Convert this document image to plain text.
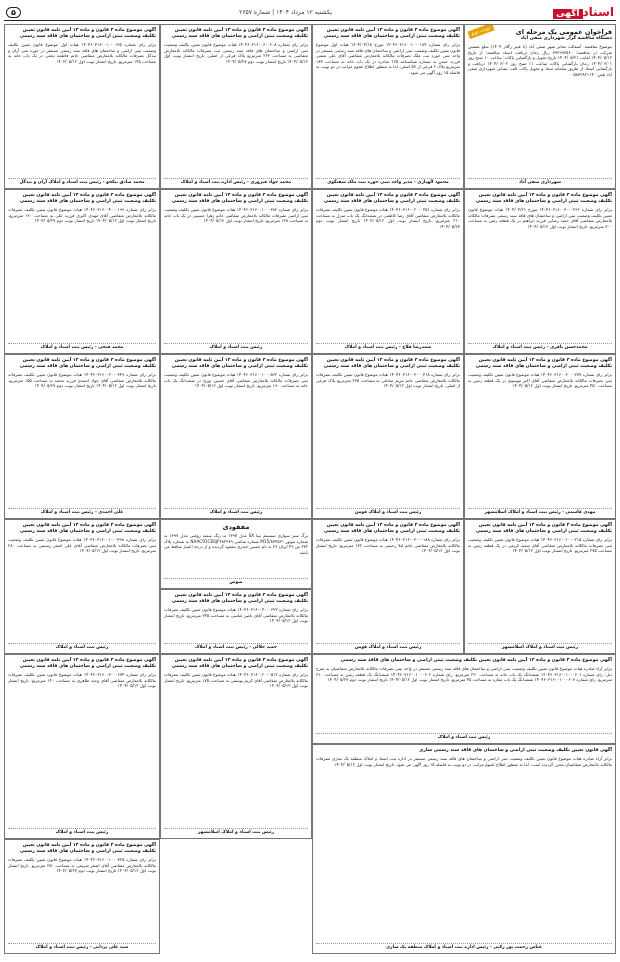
اسنادآگهی
یکشنبه ۱۲ مرداد ۱۴۰۴ | شماره ۲۶۵۷
۵
نوبت دوم	فراخوان عمومی یک مرحله ای
دستگاه مناقصه گزار شهرداری صفی آباد
موضوع مناقصه: آسفالت معابر شهر صفی آباد (با فیبر رگلاژ ۱۴۰۴) مبلغ تضمین شرکت در مناقصه: ۷۷۲۹۹۳۵۶۰ ریال زمان دریافت اسناد مناقصه: از تاریخ ۱۴۰۴/۰۵/۱۲ لغایت ۱۴۰۴/۰۵/۲۱ تاریخ تحویل و بازگشایی پاکات: ساعت ۱۰ صبح روز ۱۴۰۴/۰۶/۰۱ زمان بازگشایی پاکات ساعت ۱۱ صبح روز ۱۴۰۴/۰۶/۰۲ دریافت و بازگشایی اسناد از طریق سامانه ستاد و تحویل پاکت الف: نشانی شهرداری صفی آباد تلفن ۰۵۸۳۲۸۲۱۱۴۰
شهرداری صفی آباد
آگهی موضوع ماده ۳ قانون و ماده ۱۳ آیین نامه قانون تعیین تکلیف وضعیت ثبتی اراضی و ساختمان های فاقد سند رسمی
برابر رای شماره ۱۴۰۴۶۰۳۱۶۰۰۱۰۰۰۱۸۴ مورخ ۱۴۰۴/۰۴/۱۸ هیات اول موضوع قانون تعیین تکلیف وضعیت ثبتی اراضی و ساختمان های فاقد سند رسمی مستقر در واحد ثبتی حوزه ثبت ملک تصرفات مالکانه بلامعارض متقاضی آقای علی نعمتی فرزند حسن به شماره شناسنامه ۱۲۵ صادره در یک باب خانه به مساحت ۱۸۴ مترمربع پلاک ۲ فرعی از ۵۶ اصلی. لذا به منظور اطلاع عموم مراتب در دو نوبت به فاصله ۱۵ روز آگهی می شود.
محمود الهیاری - مدیر واحد ثبتی حوزه ثبت ملک شفتگوی
آگهی موضوع ماده ۳ قانون و ماده ۱۳ آیین نامه قانون تعیین تکلیف وضعیت ثبتی اراضی و ساختمان های فاقد سند رسمی
برابر رای شماره ۱۴۰۴۶۰۳۱۶۰۰۶۰۰۲۰۸ هیات موضوع قانون تعیین تکلیف وضعیت ثبتی اراضی و ساختمان های فاقد سند رسمی ثبت تصرفات مالکانه بلامعارض متقاضی به مساحت ۲۶۲ مترمربع پلاک فرعی از اصلی. تاریخ انتشار نوبت اول ۱۴۰۴/۰۵/۱۲ تاریخ انتشار نوبت دوم ۱۴۰۴/۰۵/۲۷
محمد جواد فیروزی - رئیس اداره ثبت اسناد و املاک
آگهی موضوع ماده ۳ قانون و ماده ۱۳ آیین نامه قانون تعیین تکلیف وضعیت ثبتی اراضی و ساختمان های فاقد سند رسمی
برابر رای شماره ۱۴۰۴۶۰۳۱۶۰۰۱۰۰۰۱۳۵ هیات اول موضوع قانون تعیین تکلیف وضعیت ثبتی اراضی و ساختمان های فاقد سند رسمی مستقر در حوزه ثبتی آران و بیدگل تصرفات مالکانه بلامعارض متقاضی خانم فاطمه نجفی در یک باب خانه به مساحت ۱۴۵ مترمربع. تاریخ انتشار نوبت اول ۱۴۰۴/۰۵/۱۲
محمد صادق نیکخو - رئیس ثبت اسناد و املاک آران و بیدگل
آگهی موضوع ماده ۳ قانون و ماده ۱۳ آیین نامه قانون تعیین تکلیف وضعیت ثبتی اراضی و ساختمان های فاقد سند رسمی
برابر رای شماره ۱۴۰۴۶۰۳۱۶۰۰۳۰۰۰۲۳۶ مورخ ۱۴۰۴/۰۴/۲۱ هیات موضوع قانون تعیین تکلیف وضعیت ثبتی اراضی و ساختمان های فاقد سند رسمی تصرفات مالکانه بلامعارض متقاضی آقای حمید رضایی فرزند ابراهیم در یک قطعه زمین به مساحت ۳۰۰ مترمربع. تاریخ انتشار نوبت اول ۱۴۰۴/۰۵/۱۲
محمدحسن باقری - رئیس ثبت اسناد و املاک
آگهی موضوع ماده ۳ قانون و ماده ۱۳ آیین نامه قانون تعیین تکلیف وضعیت ثبتی اراضی و ساختمان های فاقد سند رسمی
برابر رای شماره ۱۴۰۴۶۰۳۱۶۰۰۲۰۰۰۴۵۱ هیات موضوع قانون تعیین تکلیف تصرفات مالکانه بلامعارض متقاضی آقای رضا کاظمی در ششدانگ یک باب منزل به مساحت ۲۱۰ مترمربع. تاریخ انتشار نوبت اول ۱۴۰۴/۰۵/۱۲ تاریخ انتشار نوبت دوم ۱۴۰۴/۰۵/۲۷
صمدرضا فلاح - رئیس ثبت اسناد و املاک
آگهی موضوع ماده ۳ قانون و ماده ۱۳ آیین نامه قانون تعیین تکلیف وضعیت ثبتی اراضی و ساختمان های فاقد سند رسمی
برابر رای شماره ۱۴۰۴۶۰۳۱۶۰۰۱۰۰۰۳۸۲ هیات موضوع قانون تعیین تکلیف وضعیت ثبتی اراضی تصرفات مالکانه بلامعارض متقاضی خانم زهرا حسینی در یک باب خانه به مساحت ۱۶۸ مترمربع. تاریخ انتشار نوبت اول ۱۴۰۴/۰۵/۱۲
رئیس ثبت اسناد و املاک
آگهی موضوع ماده ۳ قانون و ماده ۱۳ آیین نامه قانون تعیین تکلیف وضعیت ثبتی اراضی و ساختمان های فاقد سند رسمی
برابر رای شماره ۱۴۰۴۶۰۳۱۶۰۰۴۰۰۰۱۹۹ هیات موضوع قانون تعیین تکلیف تصرفات مالکانه بلامعارض متقاضی آقای مهدی اکبری فرزند علی به مساحت ۱۲۰ مترمربع. تاریخ انتشار نوبت اول ۱۴۰۴/۰۵/۱۲ تاریخ انتشار نوبت دوم ۱۴۰۴/۰۵/۲۷
محمد فتحی - رئیس ثبت اسناد و املاک
آگهی موضوع ماده ۳ قانون و ماده ۱۳ آیین نامه قانون تعیین تکلیف وضعیت ثبتی اراضی و ساختمان های فاقد سند رسمی
برابر رای شماره ۱۴۰۴۶۰۳۱۶۰۰۲۰۰۰۲۷۷ هیات موضوع قانون تعیین تکلیف وضعیت ثبتی تصرفات مالکانه بلامعارض متقاضی آقای اکبر موسوی در یک قطعه زمین به مساحت ۴۵۰ مترمربع. تاریخ انتشار نوبت اول ۱۴۰۴/۰۵/۱۲
مهدی قاسمی - رئیس ثبت اسناد و املاک اسلامشهر
آگهی موضوع ماده ۳ قانون و ماده ۱۳ آیین نامه قانون تعیین تکلیف وضعیت ثبتی اراضی و ساختمان های فاقد سند رسمی
برابر رای شماره ۱۴۰۴۶۰۳۱۶۰۰۳۰۰۰۴۱۸ هیات موضوع قانون تعیین تکلیف تصرفات مالکانه بلامعارض متقاضی خانم مریم صادقی به مساحت ۲۳۵ مترمربع پلاک فرعی از اصلی. تاریخ انتشار نوبت اول ۱۴۰۴/۰۵/۱۲
رئیس ثبت اسناد و املاک فومن
آگهی موضوع ماده ۳ قانون و ماده ۱۳ آیین نامه قانون تعیین تکلیف وضعیت ثبتی اراضی و ساختمان های فاقد سند رسمی
برابر رای شماره ۱۴۰۴۶۰۳۱۶۰۰۱۰۰۰۵۶۲ هیات موضوع قانون تعیین تکلیف وضعیت ثبتی تصرفات مالکانه بلامعارض متقاضی آقای حسین نوری در ششدانگ یک باب خانه به مساحت ۱۹۰ مترمربع. تاریخ انتشار نوبت اول ۱۴۰۴/۰۵/۱۲
رئیس ثبت اسناد و املاک
آگهی موضوع ماده ۳ قانون و ماده ۱۳ آیین نامه قانون تعیین تکلیف وضعیت ثبتی اراضی و ساختمان های فاقد سند رسمی
برابر رای شماره ۱۴۰۴۶۰۳۱۶۰۰۲۰۰۰۳۴۹ هیات موضوع قانون تعیین تکلیف تصرفات مالکانه بلامعارض متقاضی آقای جواد احمدی فرزند محمد به مساحت ۱۵۵ مترمربع. تاریخ انتشار نوبت اول ۱۴۰۴/۰۵/۱۲ تاریخ انتشار نوبت دوم ۱۴۰۴/۰۵/۲۷
علی احمدی - رئیس ثبت اسناد و املاک
آگهی موضوع ماده ۳ قانون و ماده ۱۳ آیین نامه قانون تعیین تکلیف وضعیت ثبتی اراضی و ساختمان های فاقد سند رسمی
برابر رای شماره ۱۴۰۴۶۰۳۱۶۰۰۱۰۰۰۲۱۵ هیات موضوع قانون تعیین تکلیف وضعیت ثبتی تصرفات مالکانه بلامعارض متقاضی آقای سعید کریمی در یک قطعه زمین به مساحت ۲۷۵ مترمربع. تاریخ انتشار نوبت اول ۱۴۰۴/۰۵/۱۲
رئیس ثبت اسناد و املاک اسلامشهر
آگهی موضوع ماده ۳ قانون و ماده ۱۳ آیین نامه قانون تعیین تکلیف وضعیت ثبتی اراضی و ساختمان های فاقد سند رسمی
برابر رای شماره ۱۴۰۴۶۰۳۱۶۰۰۳۰۰۰۱۸۸ هیات موضوع قانون تعیین تکلیف تصرفات مالکانه بلامعارض متقاضی خانم لیلا رحیمی به مساحت ۱۳۲ مترمربع. تاریخ انتشار نوبت اول ۱۴۰۴/۰۵/۱۲
رئیس ثبت اسناد و املاک فومن
مفقودی
برگ سبز سواری سیستم تیبا SX مدل ۱۳۹۷ به رنگ سفید روغنی مدل ۱۳۹۷ به شماره موتور M15/۸۴۴۵۲۱ شماره شاسی NAAC91CE6JF۴۸۲۲۷۹ به شماره پلاک ۶۷۲ ص ۴۹ ایران ۲۶ به نام حسین حیدری مفقود گردیده و از درجه اعتبار ساقط می باشد.
شوش
آگهی موضوع ماده ۳ قانون و ماده ۱۳ آیین نامه قانون تعیین تکلیف وضعیت ثبتی اراضی و ساختمان های فاقد سند رسمی
برابر رای شماره ۱۴۰۴۶۰۳۱۶۰۰۱۰۰۰۴۹۸ هیات موضوع قانون تعیین تکلیف وضعیت ثبتی تصرفات مالکانه بلامعارض متقاضی آقای علی اصغر رستمی به مساحت ۲۸۰ مترمربع. تاریخ انتشار نوبت اول ۱۴۰۴/۰۵/۱۲
رئیس ثبت اسناد و املاک
آگهی موضوع ماده ۳ قانون و ماده ۱۳ آیین نامه قانون تعیین تکلیف وضعیت ثبتی اراضی و ساختمان های فاقد سند رسمی
برابر رای شماره ۱۴۰۴۶۰۳۱۶۰۰۴۰۰۰۳۳۲ هیات موضوع قانون تعیین تکلیف تصرفات مالکانه بلامعارض متقاضی آقای ناصر عباسی به مساحت ۳۴۵ مترمربع. تاریخ انتشار نوبت اول ۱۴۰۴/۰۵/۱۲
حمید جلالی - رئیس ثبت اسناد و املاک
آگهی موضوع ماده ۳ قانون و ماده ۱۳ آیین نامه قانون تعیین تکلیف وضعیت ثبتی اراضی و ساختمان های فاقد سند رسمی
برابر آراء صادره هیات موضوع قانون تعیین تکلیف وضعیت ثبتی اراضی و ساختمان های فاقد سند رسمی مستقر در واحد ثبتی تصرفات مالکانه بلامعارض متقاضیان به شرح ذیل: رای شماره ۱۴۰۴۶۰۳۱۶۰۰۱۰۰۰۶۰۱ ششدانگ یک باب خانه به مساحت ۲۲۰ مترمربع. رای شماره ۱۴۰۴۶۰۳۱۶۰۰۱۰۰۰۶۰۲ ششدانگ یک قطعه زمین به مساحت ۳۱۰ مترمربع. رای شماره ۱۴۰۴۶۰۳۱۶۰۰۱۰۰۰۶۰۳ ششدانگ یک باب مغازه به مساحت ۴۵ مترمربع. تاریخ انتشار نوبت اول ۱۴۰۴/۰۵/۱۲ تاریخ انتشار نوبت دوم ۱۴۰۴/۰۵/۲۷
رئیس ثبت اسناد و املاک
آگهی موضوع ماده ۳ قانون و ماده ۱۳ آیین نامه قانون تعیین تکلیف وضعیت ثبتی اراضی و ساختمان های فاقد سند رسمی
برابر رای شماره ۱۴۰۴۶۰۳۱۶۰۰۲۰۰۰۵۱۲ هیات موضوع قانون تعیین تکلیف تصرفات مالکانه بلامعارض متقاضی آقای کریم یوسفی به مساحت ۱۷۵ مترمربع. تاریخ انتشار نوبت اول ۱۴۰۴/۰۵/۱۲
رئیس ثبت اسناد و املاک اسلامشهر
آگهی موضوع ماده ۳ قانون و ماده ۱۳ آیین نامه قانون تعیین تکلیف وضعیت ثبتی اراضی و ساختمان های فاقد سند رسمی
برابر رای شماره ۱۴۰۴۶۰۳۱۶۰۰۳۰۰۰۶۷۴ هیات موضوع قانون تعیین تکلیف تصرفات مالکانه بلامعارض متقاضی آقای وحید طاهری به مساحت ۱۴۰ مترمربع. تاریخ انتشار نوبت اول ۱۴۰۴/۰۵/۱۲
رئیس ثبت اسناد و املاک
آگهی قانون تعیین تکلیف وضعیت ثبتی اراضی و ساختمان های فاقد سند رسمی ساری
برابر آراء صادره هیات موضوع قانون تعیین تکلیف وضعیت ثبتی اراضی و ساختمان های فاقد سند رسمی مستقر در اداره ثبت اسناد و املاک منطقه یک ساری تصرفات مالکانه بلامعارض متقاضیان محرز گردیده است. لذا به منظور اطلاع عموم مراتب در دو نوبت به فاصله ۱۵ روز آگهی می شود. تاریخ انتشار نوبت اول ۱۴۰۴/۰۵/۱۲
عباس رحمت پور رکنی - رئیس اداره ثبت اسناد و املاک منطقه یک ساری
آگهی موضوع ماده ۳ قانون و ماده ۱۳ آیین نامه قانون تعیین تکلیف وضعیت ثبتی اراضی و ساختمان های فاقد سند رسمی
برابر رای شماره ۱۴۰۴۶۰۳۱۶۰۰۱۰۰۰۷۲۵ هیات موضوع قانون تعیین تکلیف تصرفات مالکانه بلامعارض متقاضی آقای اصغر شریفی به مساحت ۲۵۰ مترمربع. تاریخ انتشار نوبت اول ۱۴۰۴/۰۵/۱۲ تاریخ انتشار نوبت دوم ۱۴۰۴/۰۵/۲۷
سید علی یزدانی - رئیس ثبت اسناد و املاک
